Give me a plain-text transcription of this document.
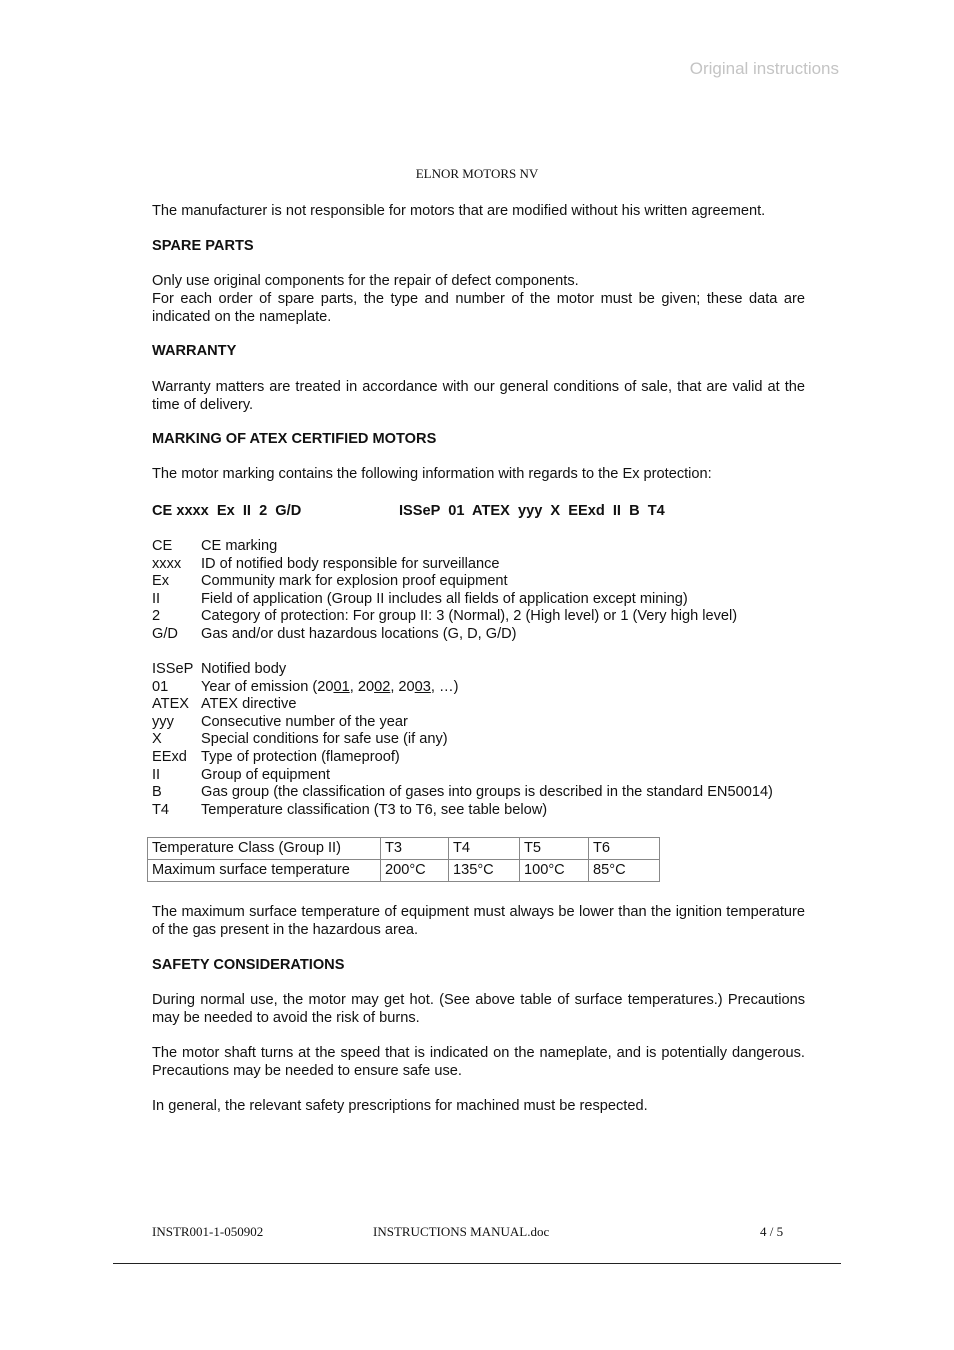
Original instructions
ELNOR MOTORS NV
The manufacturer is not responsible for motors that are modified without his written agreement.
SPARE PARTS
Only use original components for the repair of defect components.
For each order of spare parts, the type and number of the motor must be given; these data are indicated on the nameplate.
WARRANTY
Warranty matters are treated in accordance with our general conditions of sale, that are valid at the time of delivery.
MARKING OF ATEX CERTIFIED MOTORS
The motor marking contains the following information with regards to the Ex protection:
CE xxxx  Ex  II  2  G/D	ISSeP  01  ATEX  yyy  X  EExd  II  B  T4
CE	CE marking
xxxx	ID of notified body responsible for surveillance
Ex	Community mark for explosion proof equipment
II	Field of application (Group II includes all fields of application except mining)
2	Category of protection: For group II: 3 (Normal), 2 (High level) or 1 (Very high level)
G/D	Gas and/or dust hazardous locations (G, D, G/D)
ISSeP Notified body
01	Year of emission (2001, 2002, 2003, …)
ATEX ATEX directive
yyy	Consecutive number of the year
X	Special conditions for safe use (if any)
EExd Type of protection (flameproof)
II	Group of equipment
B	Gas group (the classification of gases into groups is described in the standard EN50014)
T4	Temperature classification (T3 to T6, see table below)
Temperature Class (Group II)	T3	T4	T5	T6
Maximum surface temperature	200°C	135°C	100°C	85°C
The maximum surface temperature of equipment must always be lower than the ignition temperature of the gas present in the hazardous area.
SAFETY CONSIDERATIONS
During normal use, the motor may get hot. (See above table of surface temperatures.) Precautions may be needed to avoid the risk of burns.
The motor shaft turns at the speed that is indicated on the nameplate, and is potentially dangerous. Precautions may be needed to ensure safe use.
In general, the relevant safety prescriptions for machined must be respected.
INSTR001-1-050902	INSTRUCTIONS MANUAL.doc	4 / 5
